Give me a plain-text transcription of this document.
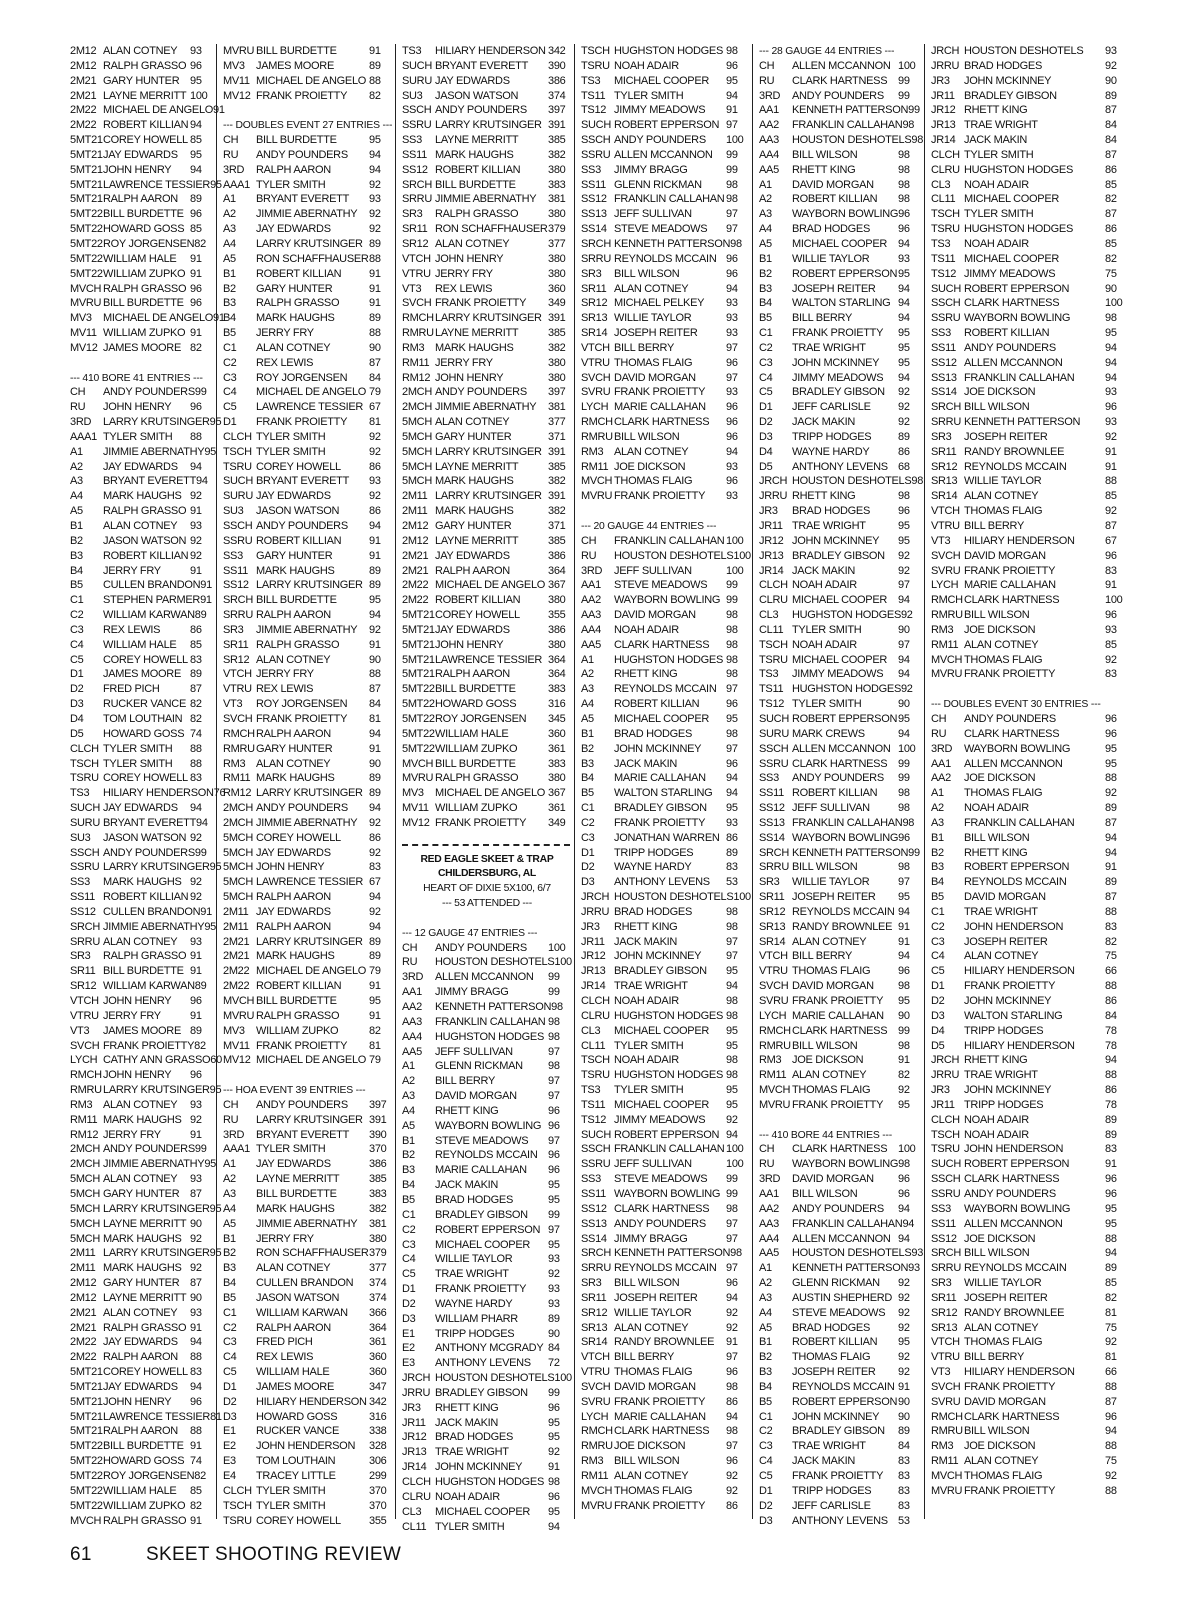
2M12 ALAN COTNEY	93
2M12 RALPH GRASSO 96
2M21 GARY HUNTER 95
2M21 LAYNE MERRITT 100
2M22 MICHAEL DE ANGELO 91
2M22 ROBERT KILLIAN 94
5MT21 COREY HOWELL 85
5MT21 JAY EDWARDS	95
5MT21 JOHN HENRY	94
5MT21 LAWRENCE TESSIER 95
5MT21 RALPH AARON	89
5MT22 BILL BURDETTE 96
5MT22 HOWARD GOSS 85
5MT22 ROY JORGENSEN 82
5MT22 WILLIAM HALE	91
5MT22 WILLIAM ZUPKO 91
MVCH RALPH GRASSO 96
MVRU BILL BURDETTE 96
MV3	MICHAEL DE ANGELO 91
MV11 WILLIAM ZUPKO 91
MV12 JAMES MOORE 82
--- 410 BORE 41 ENTRIES ---
CH	ANDY POUNDERS 99
RU	JOHN HENRY	96
3RD	LARRY KRUTSINGER 95
AAA1 TYLER SMITH	88
A1	JIMMIE ABERNATHY 95
A2	JAY EDWARDS	94
A3	BRYANT EVERETT 94
A4	MARK HAUGHS 92
A5	RALPH GRASSO 91
B1	ALAN COTNEY	93
B2	JASON WATSON 92
B3	ROBERT KILLIAN 92
B4	JERRY FRY	91
B5	CULLEN BRANDON 91
C1	STEPHEN PARMER 91
C2	WILLIAM KARWAN 89
C3	REX LEWIS	86
C4	WILLIAM HALE	85
C5	COREY HOWELL 83
D1	JAMES MOORE 89
D2	FRED PICH	87
D3	RUCKER VANCE 82
D4	TOM LOUTHAIN 82
D5	HOWARD GOSS 74
CLCH TYLER SMITH	88
TSCH TYLER SMITH	88
TSRU COREY HOWELL 83
TS3	HILIARY HENDERSON 76
SUCH JAY EDWARDS	94
SURU BRYANT EVERETT 94
SU3	JASON WATSON 92
SSCH ANDY POUNDERS 99
SSRU LARRY KRUTSINGER 95
SS3	MARK HAUGHS 92
SS11 ROBERT KILLIAN 92
SS12 CULLEN BRANDON 91
SRCH JIMMIE ABERNATHY 95
SRRU ALAN COTNEY	93
SR3	RALPH GRASSO 91
SR11 BILL BURDETTE 91
SR12 WILLIAM KARWAN 89
VTCH JOHN HENRY	96
VTRU JERRY FRY	91
VT3	JAMES MOORE 89
SVCH FRANK PROIETTY 82
LYCH CATHY ANN GRASSO 60
RMCH JOHN HENRY	96
RMRU LARRY KRUTSINGER 95
RM3 ALAN COTNEY	93
RM11 MARK HAUGHS 92
RM12 JERRY FRY	91
2MCH ANDY POUNDERS 99
2MCH JIMMIE ABERNATHY 95
5MCH ALAN COTNEY	93
5MCH GARY HUNTER 87
5MCH LARRY KRUTSINGER 95
5MCH LAYNE MERRITT 90
5MCH MARK HAUGHS 92
2M11 LARRY KRUTSINGER 95
2M11 MARK HAUGHS 92
2M12 GARY HUNTER 87
2M12 LAYNE MERRITT 90
2M21 ALAN COTNEY	93
2M21 RALPH GRASSO 91
2M22 JAY EDWARDS	94
2M22 RALPH AARON	88
5MT21 COREY HOWELL 83
5MT21 JAY EDWARDS	94
5MT21 JOHN HENRY	96
5MT21 LAWRENCE TESSIER 81
5MT21 RALPH AARON	88
5MT22 BILL BURDETTE 91
5MT22 HOWARD GOSS 74
5MT22 ROY JORGENSEN 82
5MT22 WILLIAM HALE	85
5MT22 WILLIAM ZUPKO 82
MVCH RALPH GRASSO 91
MVRU BILL BURDETTE	91
MV3	JAMES MOORE	89
MV11 MICHAEL DE ANGELO 88
MV12 FRANK PROIETTY	82
--- DOUBLES EVENT 27 ENTRIES ---
CH	BILL BURDETTE	95
RU	ANDY POUNDERS	94
3RD	RALPH AARON	94
AAA1 TYLER SMITH	92
A1	BRYANT EVERETT	93
A2	JIMMIE ABERNATHY	92
A3	JAY EDWARDS	92
A4	LARRY KRUTSINGER 89
A5	RON SCHAFFHAUSER 88
B1	ROBERT KILLIAN	91
B2	GARY HUNTER	91
B3	RALPH GRASSO	91
B4	MARK HAUGHS	89
B5	JERRY FRY	88
C1	ALAN COTNEY	90
C2	REX LEWIS	87
C3	ROY JORGENSEN	84
C4	MICHAEL DE ANGELO 79
C5	LAWRENCE TESSIER 67
D1	FRANK PROIETTY	81
CLCH TYLER SMITH	92
TSCH TYLER SMITH	92
TSRU COREY HOWELL	86
SUCH BRYANT EVERETT	93
SURU JAY EDWARDS	92
SU3	JASON WATSON	86
SSCH ANDY POUNDERS	94
SSRU ROBERT KILLIAN	91
SS3	GARY HUNTER	91
SS11 MARK HAUGHS	89
SS12 LARRY KRUTSINGER 89
SRCH BILL BURDETTE	95
SRRU RALPH AARON	94
SR3	JIMMIE ABERNATHY	92
SR11 RALPH GRASSO	91
SR12 ALAN COTNEY	90
VTCH JERRY FRY	88
VTRU REX LEWIS	87
VT3	ROY JORGENSEN	84
SVCH FRANK PROIETTY	81
RMCH RALPH AARON	94
RMRU GARY HUNTER	91
RM3 ALAN COTNEY	90
RM11 MARK HAUGHS	89
RM12 LARRY KRUTSINGER 89
2MCH ANDY POUNDERS	94
2MCH JIMMIE ABERNATHY	92
5MCH COREY HOWELL	86
5MCH JAY EDWARDS	92
5MCH JOHN HENRY	83
5MCH LAWRENCE TESSIER 67
5MCH RALPH AARON	94
2M11 JAY EDWARDS	92
2M11 RALPH AARON	94
2M21 LARRY KRUTSINGER 89
2M21 MARK HAUGHS	89
2M22 MICHAEL DE ANGELO 79
2M22 ROBERT KILLIAN	91
MVCH BILL BURDETTE	95
MVRU RALPH GRASSO	91
MV3	WILLIAM ZUPKO	82
MV11 FRANK PROIETTY	81
MV12 MICHAEL DE ANGELO 79
--- HOA EVENT 39 ENTRIES ---
CH	ANDY POUNDERS	397
RU	LARRY KRUTSINGER 391
3RD	BRYANT EVERETT	390
AAA1 TYLER SMITH	370
A1	JAY EDWARDS	386
A2	LAYNE MERRITT	385
A3	BILL BURDETTE	383
A4	MARK HAUGHS	382
A5	JIMMIE ABERNATHY	381
B1	JERRY FRY	380
B2	RON SCHAFFHAUSER 379
B3	ALAN COTNEY	377
B4	CULLEN BRANDON	374
B5	JASON WATSON	374
C1	WILLIAM KARWAN	366
C2	RALPH AARON	364
C3	FRED PICH	361
C4	REX LEWIS	360
C5	WILLIAM HALE	360
D1	JAMES MOORE	347
D2	HILIARY HENDERSON 342
D3	HOWARD GOSS	316
E1	RUCKER VANCE	338
E2	JOHN HENDERSON	328
E3	TOM LOUTHAIN	306
E4	TRACEY LITTLE	299
CLCH TYLER SMITH	370
TSCH TYLER SMITH	370
TSRU COREY HOWELL	355
TS3	HILIARY HENDERSON 342
SUCH BRYANT EVERETT	390
SURU JAY EDWARDS	386
SU3	JASON WATSON	374
SSCH ANDY POUNDERS	397
SSRU LARRY KRUTSINGER 391
SS3	LAYNE MERRITT	385
SS11 MARK HAUGHS	382
SS12 ROBERT KILLIAN	380
SRCH BILL BURDETTE	383
SRRU JIMMIE ABERNATHY	381
SR3	RALPH GRASSO	380
SR11 RON SCHAFFHAUSER 379
SR12 ALAN COTNEY	377
VTCH JOHN HENRY	380
VTRU JERRY FRY	380
VT3	REX LEWIS	360
SVCH FRANK PROIETTY	349
RMCH LARRY KRUTSINGER 391
RMRU LAYNE MERRITT	385
RM3 MARK HAUGHS	382
RM11 JERRY FRY	380
RM12 JOHN HENRY	380
2MCH ANDY POUNDERS	397
2MCH JIMMIE ABERNATHY	381
5MCH ALAN COTNEY	377
5MCH GARY HUNTER	371
5MCH LARRY KRUTSINGER 391
5MCH LAYNE MERRITT	385
5MCH MARK HAUGHS	382
2M11 LARRY KRUTSINGER 391
2M11 MARK HAUGHS	382
2M12 GARY HUNTER	371
2M12 LAYNE MERRITT	385
2M21 JAY EDWARDS	386
2M21 RALPH AARON	364
2M22 MICHAEL DE ANGELO 367
2M22 ROBERT KILLIAN	380
5MT21 COREY HOWELL	355
5MT21 JAY EDWARDS	386
5MT21 JOHN HENRY	380
5MT21 LAWRENCE TESSIER 364
5MT21 RALPH AARON	364
5MT22 BILL BURDETTE	383
5MT22 HOWARD GOSS	316
5MT22 ROY JORGENSEN	345
5MT22 WILLIAM HALE	360
5MT22 WILLIAM ZUPKO	361
MVCH BILL BURDETTE	383
MVRU RALPH GRASSO	380
MV3	MICHAEL DE ANGELO 367
MV11 WILLIAM ZUPKO	361
MV12 FRANK PROIETTY	349
RED EAGLE SKEET & TRAP
CHILDERSBURG, AL
HEART OF DIXIE 5X100, 6/7
--- 53 ATTENDED ---
--- 12 GAUGE 47 ENTRIES ---
CH	ANDY POUNDERS	100
RU	HOUSTON DESHOTELS 100
3RD	ALLEN MCCANNON	99
AA1	JIMMY BRAGG	99
AA2	KENNETH PATTERSON 98
AA3	FRANKLIN CALLAHAN 98
AA4	HUGHSTON HODGES 98
AA5	JEFF SULLIVAN	97
A1	GLENN RICKMAN	98
A2	BILL BERRY	97
A3	DAVID MORGAN	97
A4	RHETT KING	96
A5	WAYBORN BOWLING 96
B1	STEVE MEADOWS	97
B2	REYNOLDS MCCAIN 96
B3	MARIE CALLAHAN	96
B4	JACK MAKIN	95
B5	BRAD HODGES	95
C1	BRADLEY GIBSON	99
C2	ROBERT EPPERSON 97
C3	MICHAEL COOPER	95
C4	WILLIE TAYLOR	93
C5	TRAE WRIGHT	92
D1	FRANK PROIETTY	93
D2	WAYNE HARDY	93
D3	WILLIAM PHARR	89
E1	TRIPP HODGES	90
E2	ANTHONY MCGRADY 84
E3	ANTHONY LEVENS	72
JRCH HOUSTON DESHOTELS 100
JRRU BRADLEY GIBSON	99
JR3	RHETT KING	96
JR11 JACK MAKIN	95
JR12 BRAD HODGES	95
JR13 TRAE WRIGHT	92
JR14 JOHN MCKINNEY	91
CLCH HUGHSTON HODGES 98
CLRU NOAH ADAIR	96
CL3	MICHAEL COOPER	95
CL11 TYLER SMITH	94
TSCH HUGHSTON HODGES 98
TSRU NOAH ADAIR	96
TS3	MICHAEL COOPER	95
TS11 TYLER SMITH	94
TS12 JIMMY MEADOWS	91
SUCH ROBERT EPPERSON 97
SSCH ANDY POUNDERS	100
SSRU ALLEN MCCANNON	99
SS3	JIMMY BRAGG	99
SS11 GLENN RICKMAN	98
SS12 FRANKLIN CALLAHAN 98
SS13 JEFF SULLIVAN	97
SS14 STEVE MEADOWS	97
SRCH KENNETH PATTERSON 98
SRRU REYNOLDS MCCAIN 96
SR3	BILL WILSON	96
SR11 ALAN COTNEY	94
SR12 MICHAEL PELKEY	93
SR13 WILLIE TAYLOR	93
SR14 JOSEPH REITER	93
VTCH BILL BERRY	97
VTRU THOMAS FLAIG	96
SVCH DAVID MORGAN	97
SVRU FRANK PROIETTY	93
LYCH MARIE CALLAHAN	96
RMCH CLARK HARTNESS	96
RMRU BILL WILSON	96
RM3 ALAN COTNEY	94
RM11 JOE DICKSON	93
MVCH THOMAS FLAIG	96
MVRU FRANK PROIETTY	93
--- 20 GAUGE 44 ENTRIES ---
CH	FRANKLIN CALLAHAN 100
RU	HOUSTON DESHOTELS 100
3RD	JEFF SULLIVAN	100
AA1	STEVE MEADOWS	99
AA2	WAYBORN BOWLING 99
AA3	DAVID MORGAN	98
AA4	NOAH ADAIR	98
AA5	CLARK HARTNESS	98
A1	HUGHSTON HODGES 98
A2	RHETT KING	98
A3	REYNOLDS MCCAIN 97
A4	ROBERT KILLIAN	96
A5	MICHAEL COOPER	95
B1	BRAD HODGES	98
B2	JOHN MCKINNEY	97
B3	JACK MAKIN	96
B4	MARIE CALLAHAN	94
B5	WALTON STARLING	94
C1	BRADLEY GIBSON	95
C2	FRANK PROIETTY	93
C3	JONATHAN WARREN 86
D1	TRIPP HODGES	89
D2	WAYNE HARDY	83
D3	ANTHONY LEVENS	53
JRCH HOUSTON DESHOTELS 100
JRRU BRAD HODGES	98
JR3	RHETT KING	98
JR11 JACK MAKIN	97
JR12 JOHN MCKINNEY	97
JR13 BRADLEY GIBSON	95
JR14 TRAE WRIGHT	94
CLCH NOAH ADAIR	98
CLRU HUGHSTON HODGES 98
CL3	MICHAEL COOPER	95
CL11 TYLER SMITH	95
TSCH NOAH ADAIR	98
TSRU HUGHSTON HODGES 98
TS3	TYLER SMITH	95
TS11 MICHAEL COOPER	95
TS12 JIMMY MEADOWS	92
SUCH ROBERT EPPERSON 94
SSCH FRANKLIN CALLAHAN 100
SSRU JEFF SULLIVAN	100
SS3	STEVE MEADOWS	99
SS11 WAYBORN BOWLING 99
SS12 CLARK HARTNESS	98
SS13 ANDY POUNDERS	97
SS14 JIMMY BRAGG	97
SRCH KENNETH PATTERSON 98
SRRU REYNOLDS MCCAIN 97
SR3	BILL WILSON	96
SR11 JOSEPH REITER	94
SR12 WILLIE TAYLOR	92
SR13 ALAN COTNEY	92
SR14 RANDY BROWNLEE	91
VTCH BILL BERRY	97
VTRU THOMAS FLAIG	96
SVCH DAVID MORGAN	98
SVRU FRANK PROIETTY	86
LYCH MARIE CALLAHAN	94
RMCH CLARK HARTNESS	98
RMRU JOE DICKSON	97
RM3 BILL WILSON	96
RM11 ALAN COTNEY	92
MVCH THOMAS FLAIG	92
MVRU FRANK PROIETTY	86
--- 28 GAUGE 44 ENTRIES ---
CH	ALLEN MCCANNON 100
RU	CLARK HARTNESS 99
3RD	ANDY POUNDERS	99
AA1	KENNETH PATTERSON 99
AA2	FRANKLIN CALLAHAN 98
AA3	HOUSTON DESHOTELS 98
AA4	BILL WILSON	98
AA5	RHETT KING	98
A1	DAVID MORGAN	98
A2	ROBERT KILLIAN	98
A3	WAYBORN BOWLING 96
A4	BRAD HODGES	96
A5	MICHAEL COOPER 94
B1	WILLIE TAYLOR	93
B2	ROBERT EPPERSON 95
B3	JOSEPH REITER	94
B4	WALTON STARLING 94
B5	BILL BERRY	94
C1	FRANK PROIETTY	95
C2	TRAE WRIGHT	95
C3	JOHN MCKINNEY	95
C4	JIMMY MEADOWS	94
C5	BRADLEY GIBSON	92
D1	JEFF CARLISLE	92
D2	JACK MAKIN	92
D3	TRIPP HODGES	89
D4	WAYNE HARDY	86
D5	ANTHONY LEVENS 68
JRCH HOUSTON DESHOTELS 98
JRRU RHETT KING	98
JR3	BRAD HODGES	96
JR11 TRAE WRIGHT	95
JR12 JOHN MCKINNEY	95
JR13 BRADLEY GIBSON	92
JR14 JACK MAKIN	92
CLCH NOAH ADAIR	97
CLRU MICHAEL COOPER 94
CL3	HUGHSTON HODGES 92
CL11 TYLER SMITH	90
TSCH NOAH ADAIR	97
TSRU MICHAEL COOPER 94
TS3	JIMMY MEADOWS	94
TS11 HUGHSTON HODGES 92
TS12 TYLER SMITH	90
SUCH ROBERT EPPERSON 95
SURU MARK CREWS	94
SSCH ALLEN MCCANNON 100
SSRU CLARK HARTNESS 99
SS3	ANDY POUNDERS	99
SS11 ROBERT KILLIAN	98
SS12 JEFF SULLIVAN	98
SS13 FRANKLIN CALLAHAN 98
SS14 WAYBORN BOWLING 96
SRCH KENNETH PATTERSON 99
SRRU BILL WILSON	98
SR3	WILLIE TAYLOR	97
SR11 JOSEPH REITER	95
SR12 REYNOLDS MCCAIN 94
SR13 RANDY BROWNLEE 91
SR14 ALAN COTNEY	91
VTCH BILL BERRY	94
VTRU THOMAS FLAIG	96
SVCH DAVID MORGAN	98
SVRU FRANK PROIETTY	95
LYCH MARIE CALLAHAN	90
RMCH CLARK HARTNESS 99
RMRU BILL WILSON	98
RM3 JOE DICKSON	91
RM11 ALAN COTNEY	82
MVCH THOMAS FLAIG	92
MVRU FRANK PROIETTY	95
--- 410 BORE 44 ENTRIES ---
CH	CLARK HARTNESS 100
RU	WAYBORN BOWLING 98
3RD	DAVID MORGAN	96
AA1	BILL WILSON	96
AA2	ANDY POUNDERS	94
AA3	FRANKLIN CALLAHAN 94
AA4	ALLEN MCCANNON 94
AA5	HOUSTON DESHOTELS 93
A1	KENNETH PATTERSON 93
A2	GLENN RICKMAN	92
A3	AUSTIN SHEPHERD 92
A4	STEVE MEADOWS	92
A5	BRAD HODGES	92
B1	ROBERT KILLIAN	95
B2	THOMAS FLAIG	92
B3	JOSEPH REITER	92
B4	REYNOLDS MCCAIN 91
B5	ROBERT EPPERSON 90
C1	JOHN MCKINNEY	90
C2	BRADLEY GIBSON	89
C3	TRAE WRIGHT	84
C4	JACK MAKIN	83
C5	FRANK PROIETTY	83
D1	TRIPP HODGES	83
D2	JEFF CARLISLE	83
D3	ANTHONY LEVENS 53
JRCH HOUSTON DESHOTELS	93
JRRU BRAD HODGES	92
JR3	JOHN MCKINNEY	90
JR11 BRADLEY GIBSON	89
JR12 RHETT KING	87
JR13 TRAE WRIGHT	84
JR14 JACK MAKIN	84
CLCH TYLER SMITH	87
CLRU HUGHSTON HODGES	86
CL3	NOAH ADAIR	85
CL11 MICHAEL COOPER	82
TSCH TYLER SMITH	87
TSRU HUGHSTON HODGES	86
TS3	NOAH ADAIR	85
TS11 MICHAEL COOPER	82
TS12 JIMMY MEADOWS	75
SUCH ROBERT EPPERSON	90
SSCH CLARK HARTNESS	100
SSRU WAYBORN BOWLING	98
SS3	ROBERT KILLIAN	95
SS11 ANDY POUNDERS	94
SS12 ALLEN MCCANNON	94
SS13 FRANKLIN CALLAHAN	94
SS14 JOE DICKSON	93
SRCH BILL WILSON	96
SRRU KENNETH PATTERSON	93
SR3	JOSEPH REITER	92
SR11 RANDY BROWNLEE	91
SR12 REYNOLDS MCCAIN	91
SR13 WILLIE TAYLOR	88
SR14 ALAN COTNEY	85
VTCH THOMAS FLAIG	92
VTRU BILL BERRY	87
VT3	HILIARY HENDERSON	67
SVCH DAVID MORGAN	96
SVRU FRANK PROIETTY	83
LYCH MARIE CALLAHAN	91
RMCH CLARK HARTNESS	100
RMRU BILL WILSON	96
RM3 JOE DICKSON	93
RM11 ALAN COTNEY	85
MVCH THOMAS FLAIG	92
MVRU FRANK PROIETTY	83
--- DOUBLES EVENT 30 ENTRIES ---
CH	ANDY POUNDERS	96
RU	CLARK HARTNESS	96
3RD	WAYBORN BOWLING	95
AA1	ALLEN MCCANNON	95
AA2	JOE DICKSON	88
A1	THOMAS FLAIG	92
A2	NOAH ADAIR	89
A3	FRANKLIN CALLAHAN	87
B1	BILL WILSON	94
B2	RHETT KING	94
B3	ROBERT EPPERSON	91
B4	REYNOLDS MCCAIN	89
B5	DAVID MORGAN	87
C1	TRAE WRIGHT	88
C2	JOHN HENDERSON	83
C3	JOSEPH REITER	82
C4	ALAN COTNEY	75
C5	HILIARY HENDERSON	66
D1	FRANK PROIETTY	88
D2	JOHN MCKINNEY	86
D3	WALTON STARLING	84
D4	TRIPP HODGES	78
D5	HILIARY HENDERSON	78
JRCH RHETT KING	94
JRRU TRAE WRIGHT	88
JR3	JOHN MCKINNEY	86
JR11 TRIPP HODGES	78
CLCH NOAH ADAIR	89
TSCH NOAH ADAIR	89
TSRU JOHN HENDERSON	83
SUCH ROBERT EPPERSON	91
SSCH CLARK HARTNESS	96
SSRU ANDY POUNDERS	96
SS3	WAYBORN BOWLING	95
SS11 ALLEN MCCANNON	95
SS12 JOE DICKSON	88
SRCH BILL WILSON	94
SRRU REYNOLDS MCCAIN	89
SR3	WILLIE TAYLOR	85
SR11 JOSEPH REITER	82
SR12 RANDY BROWNLEE	81
SR13 ALAN COTNEY	75
VTCH THOMAS FLAIG	92
VTRU BILL BERRY	81
VT3	HILIARY HENDERSON	66
SVCH FRANK PROIETTY	88
SVRU DAVID MORGAN	87
RMCH CLARK HARTNESS	96
RMRU BILL WILSON	94
RM3 JOE DICKSON	88
RM11 ALAN COTNEY	75
MVCH THOMAS FLAIG	92
MVRU FRANK PROIETTY	88
61	SKEET SHOOTING REVIEW
